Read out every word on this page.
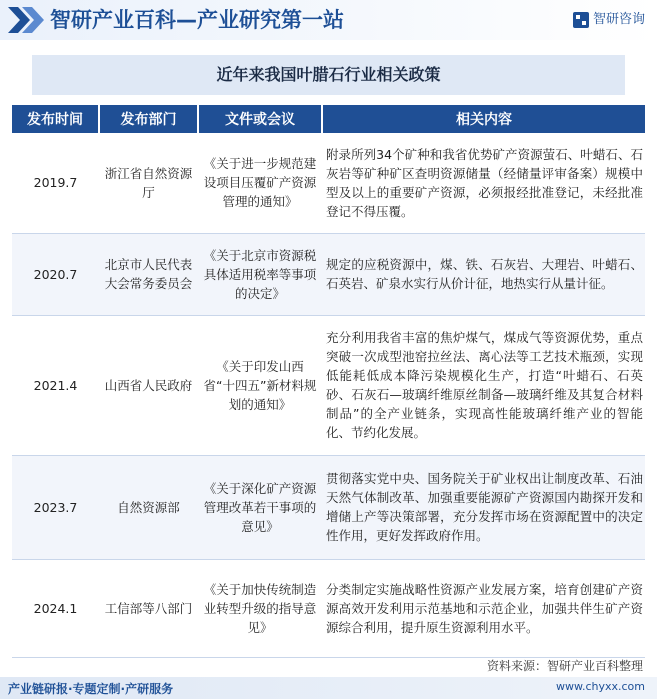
智研产业百科—产业研究第一站	智研咨询
近年来我国叶腊石行业相关政策
发布时间	发布部门	文件或会议	相关内容
2019.7	浙江省自然资源厅	《关于进一步规范建设项目压覆矿产资源管理的通知》	附录所列34个矿种和我省优势矿产资源萤石、叶蜡石、石灰岩等矿种矿区查明资源储量（经储量评审备案）规模中型及以上的重要矿产资源，必须报经批准登记，未经批准登记不得压覆。
2020.7	北京市人民代表大会常务委员会	《关于北京市资源税具体适用税率等事项的决定》	规定的应税资源中，煤、铁、石灰岩、大理岩、叶蜡石、石英岩、矿泉水实行从价计征，地热实行从量计征。
2021.4	山西省人民政府	《关于印发山西省“十四五”新材料规划的通知》	充分利用我省丰富的焦炉煤气，煤成气等资源优势，重点突破一次成型池窑拉丝法、离心法等工艺技术瓶颈，实现低能耗低成本降污染规模化生产，打造“叶蜡石、石英砂、石灰石—玻璃纤维原丝制备—玻璃纤维及其复合材料制品”的全产业链条，实现高性能玻璃纤维产业的智能化、节约化发展。
2023.7	自然资源部	《关于深化矿产资源管理改革若干事项的意见》	贯彻落实党中央、国务院关于矿业权出让制度改革、石油天然气体制改革、加强重要能源矿产资源国内勘探开发和增储上产等决策部署，充分发挥市场在资源配置中的决定性作用，更好发挥政府作用。
2024.1	工信部等八部门	《关于加快传统制造业转型升级的指导意见》	分类制定实施战略性资源产业发展方案，培育创建矿产资源高效开发利用示范基地和示范企业，加强共伴生矿产资源综合利用，提升原生资源利用水平。
资料来源：智研产业百科整理
产业链研报·专题定制·产研服务	www.chyxx.com
